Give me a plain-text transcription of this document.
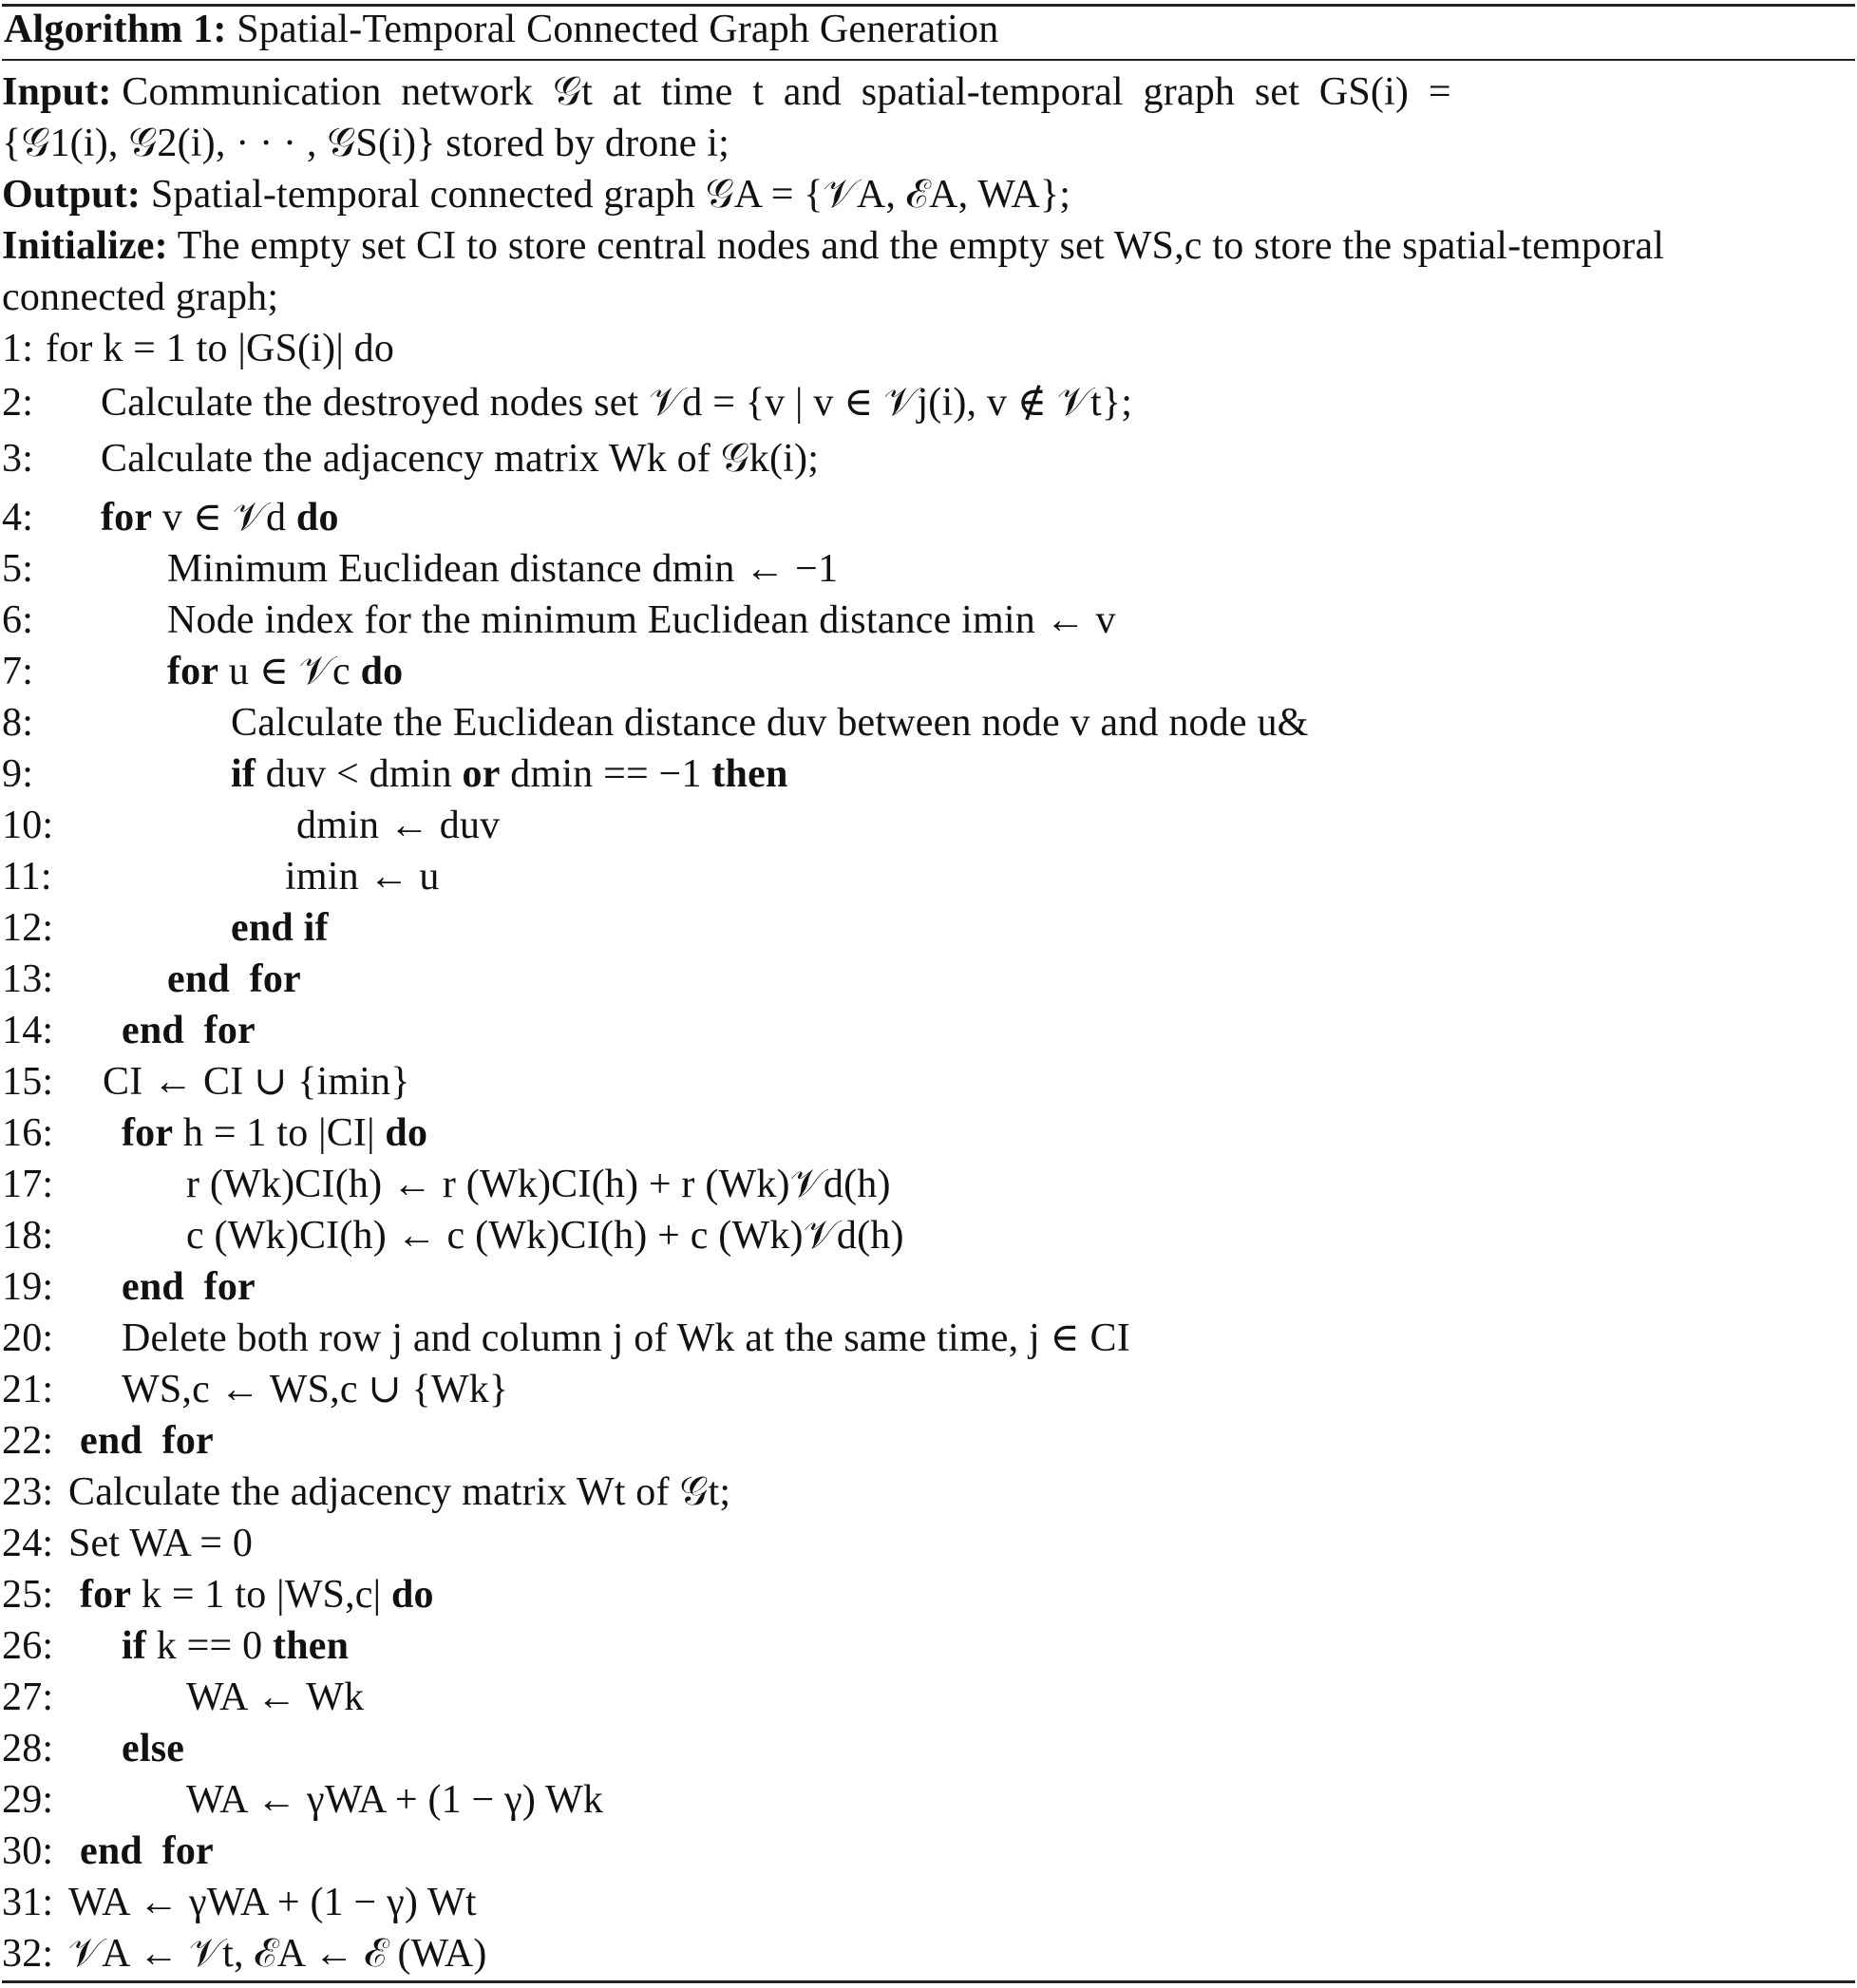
Algorithm 1: Spatial-Temporal Connected Graph Generation
Input: Communication network 𝒢t at time t and spatial-temporal graph set GS(i) =
{𝒢1(i), 𝒢2(i), · · · , 𝒢S(i)} stored by drone i;
Output: Spatial-temporal connected graph 𝒢A = {𝒱A, ℰA, WA};
Initialize: The empty set CI to store central nodes and the empty set WS,c to store the spatial-temporal
connected graph;
1: for k = 1 to |GS(i)| do
2:	Calculate the destroyed nodes set 𝒱d = {v | v ∈ 𝒱j(i), v ∉ 𝒱t};
3:	Calculate the adjacency matrix Wk of 𝒢k(i);
4:	for v ∈ 𝒱d do
5:	Minimum Euclidean distance dmin ← −1
6:	Node index for the minimum Euclidean distance imin ← v
7:	for u ∈ 𝒱c do
8:	Calculate the Euclidean distance duv between node v and node u&
9:	if duv < dmin or dmin == −1 then
10:	dmin ← duv
11:	imin ← u
12:	end if
13:	end for
14:	end for
15:	CI ← CI ∪ {imin}
16:	for h = 1 to |CI| do
17:	r (Wk)CI(h) ← r (Wk)CI(h) + r (Wk)𝒱d(h)
18:	c (Wk)CI(h) ← c (Wk)CI(h) + c (Wk)𝒱d(h)
19:	end for
20:	Delete both row j and column j of Wk at the same time, j ∈ CI
21:	WS,c ← WS,c ∪ {Wk}
22: end for
23: Calculate the adjacency matrix Wt of 𝒢t;
24: Set WA = 0
25: for k = 1 to |WS,c| do
26:	if k == 0 then
27:	WA ← Wk
28:	else
29:	WA ← γWA + (1 − γ) Wk
30: end for
31: WA ← γWA + (1 − γ) Wt
32: 𝒱A ← 𝒱t, ℰA ← ℰ (WA)
